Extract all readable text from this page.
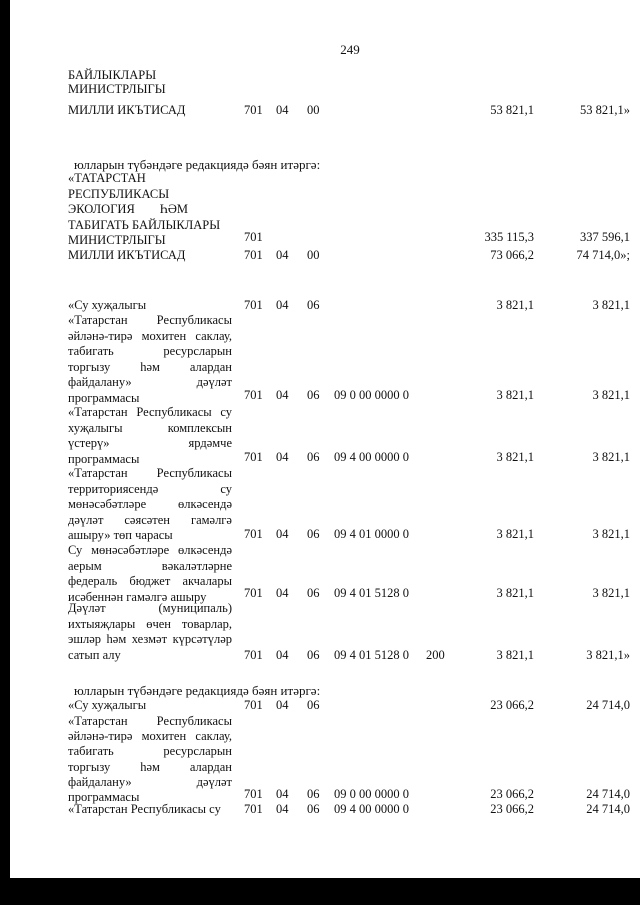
249
БАЙЛЫКЛАРЫ
МИНИСТРЛЫГЫ
МИЛЛИ ИКЪТИСАД	701 04 00	53 821,1	53 821,1»
юлларын түбәндәге редакциядә бәян итәргә:
«ТАТАРСТАН
РЕСПУБЛИКАСЫ
ЭКОЛОГИЯ        ҺӘМ
ТАБИГАТЬ БАЙЛЫКЛАРЫ
МИНИСТРЛЫГЫ	701	335 115,3	337 596,1
МИЛЛИ ИКЪТИСАД	701 04 00	73 066,2	74 714,0»;
«Су хуҗалыгы	701 04 06	3 821,1	3 821,1
«Татарстан Республикасы
әйләнә-тирә мохитен саклау,
табигать ресурсларын
торгызу һәм алардан
файдалану» дәүләт
программасы	701 04 06 09 0 00 0000 0	3 821,1	3 821,1
«Татарстан Республикасы су
хуҗалыгы комплексын
үстерү» ярдәмче
программасы	701 04 06 09 4 00 0000 0	3 821,1	3 821,1
«Татарстан Республикасы
территориясендә су
мөнәсәбәтләре өлкәсендә
дәүләт сәясәтен гамәлгә
ашыру» төп чарасы	701 04 06 09 4 01 0000 0	3 821,1	3 821,1
Су мөнәсәбәтләре өлкәсендә
аерым вәкаләтләрне
федераль бюджет акчалары
исәбеннән гамәлгә ашыру	701 04 06 09 4 01 5128 0	3 821,1	3 821,1
Дәүләт (муниципаль)
ихтыяҗлары өчен товарлар,
эшләр һәм хезмәт күрсәтүләр
сатып алу	701 04 06 09 4 01 5128 0 200	3 821,1	3 821,1»
юлларын түбәндәге редакциядә бәян итәргә:
«Су хуҗалыгы	701 04 06	23 066,2	24 714,0
«Татарстан Республикасы
әйләнә-тирә мохитен саклау,
табигать ресурсларын
торгызу һәм алардан
файдалану» дәүләт
программасы	701 04 06 09 0 00 0000 0	23 066,2	24 714,0
«Татарстан Республикасы су	701 04 06 09 4 00 0000 0	23 066,2	24 714,0
